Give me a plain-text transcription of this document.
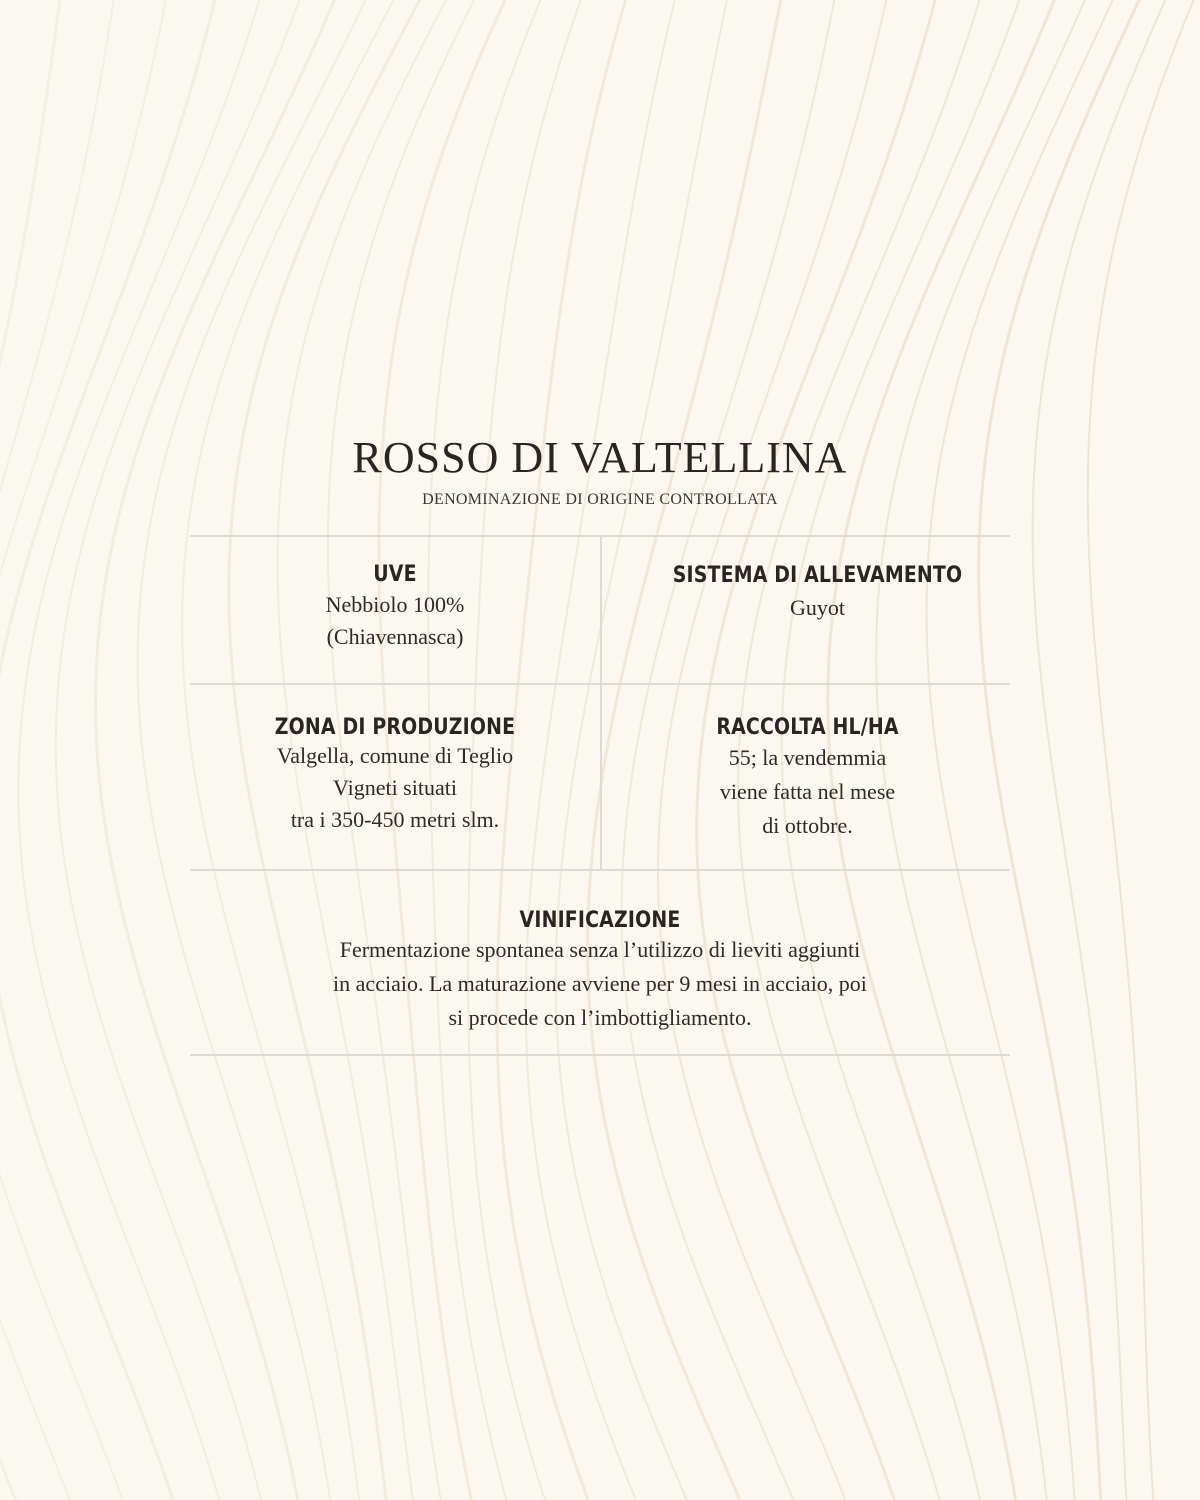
ROSSO DI VALTELLINA
DENOMINAZIONE DI ORIGINE CONTROLLATA
UVE
Nebbiolo 100%
(Chiavennasca)
SISTEMA DI ALLEVAMENTO
Guyot
ZONA DI PRODUZIONE
Valgella, comune di Teglio
Vigneti situati
tra i 350-450 metri slm.
RACCOLTA HL/HA
55; la vendemmia
viene fatta nel mese
di ottobre.
VINIFICAZIONE
Fermentazione spontanea senza l’utilizzo di lieviti aggiunti
in acciaio. La maturazione avviene per 9 mesi in acciaio, poi
si procede con l’imbottigliamento.
